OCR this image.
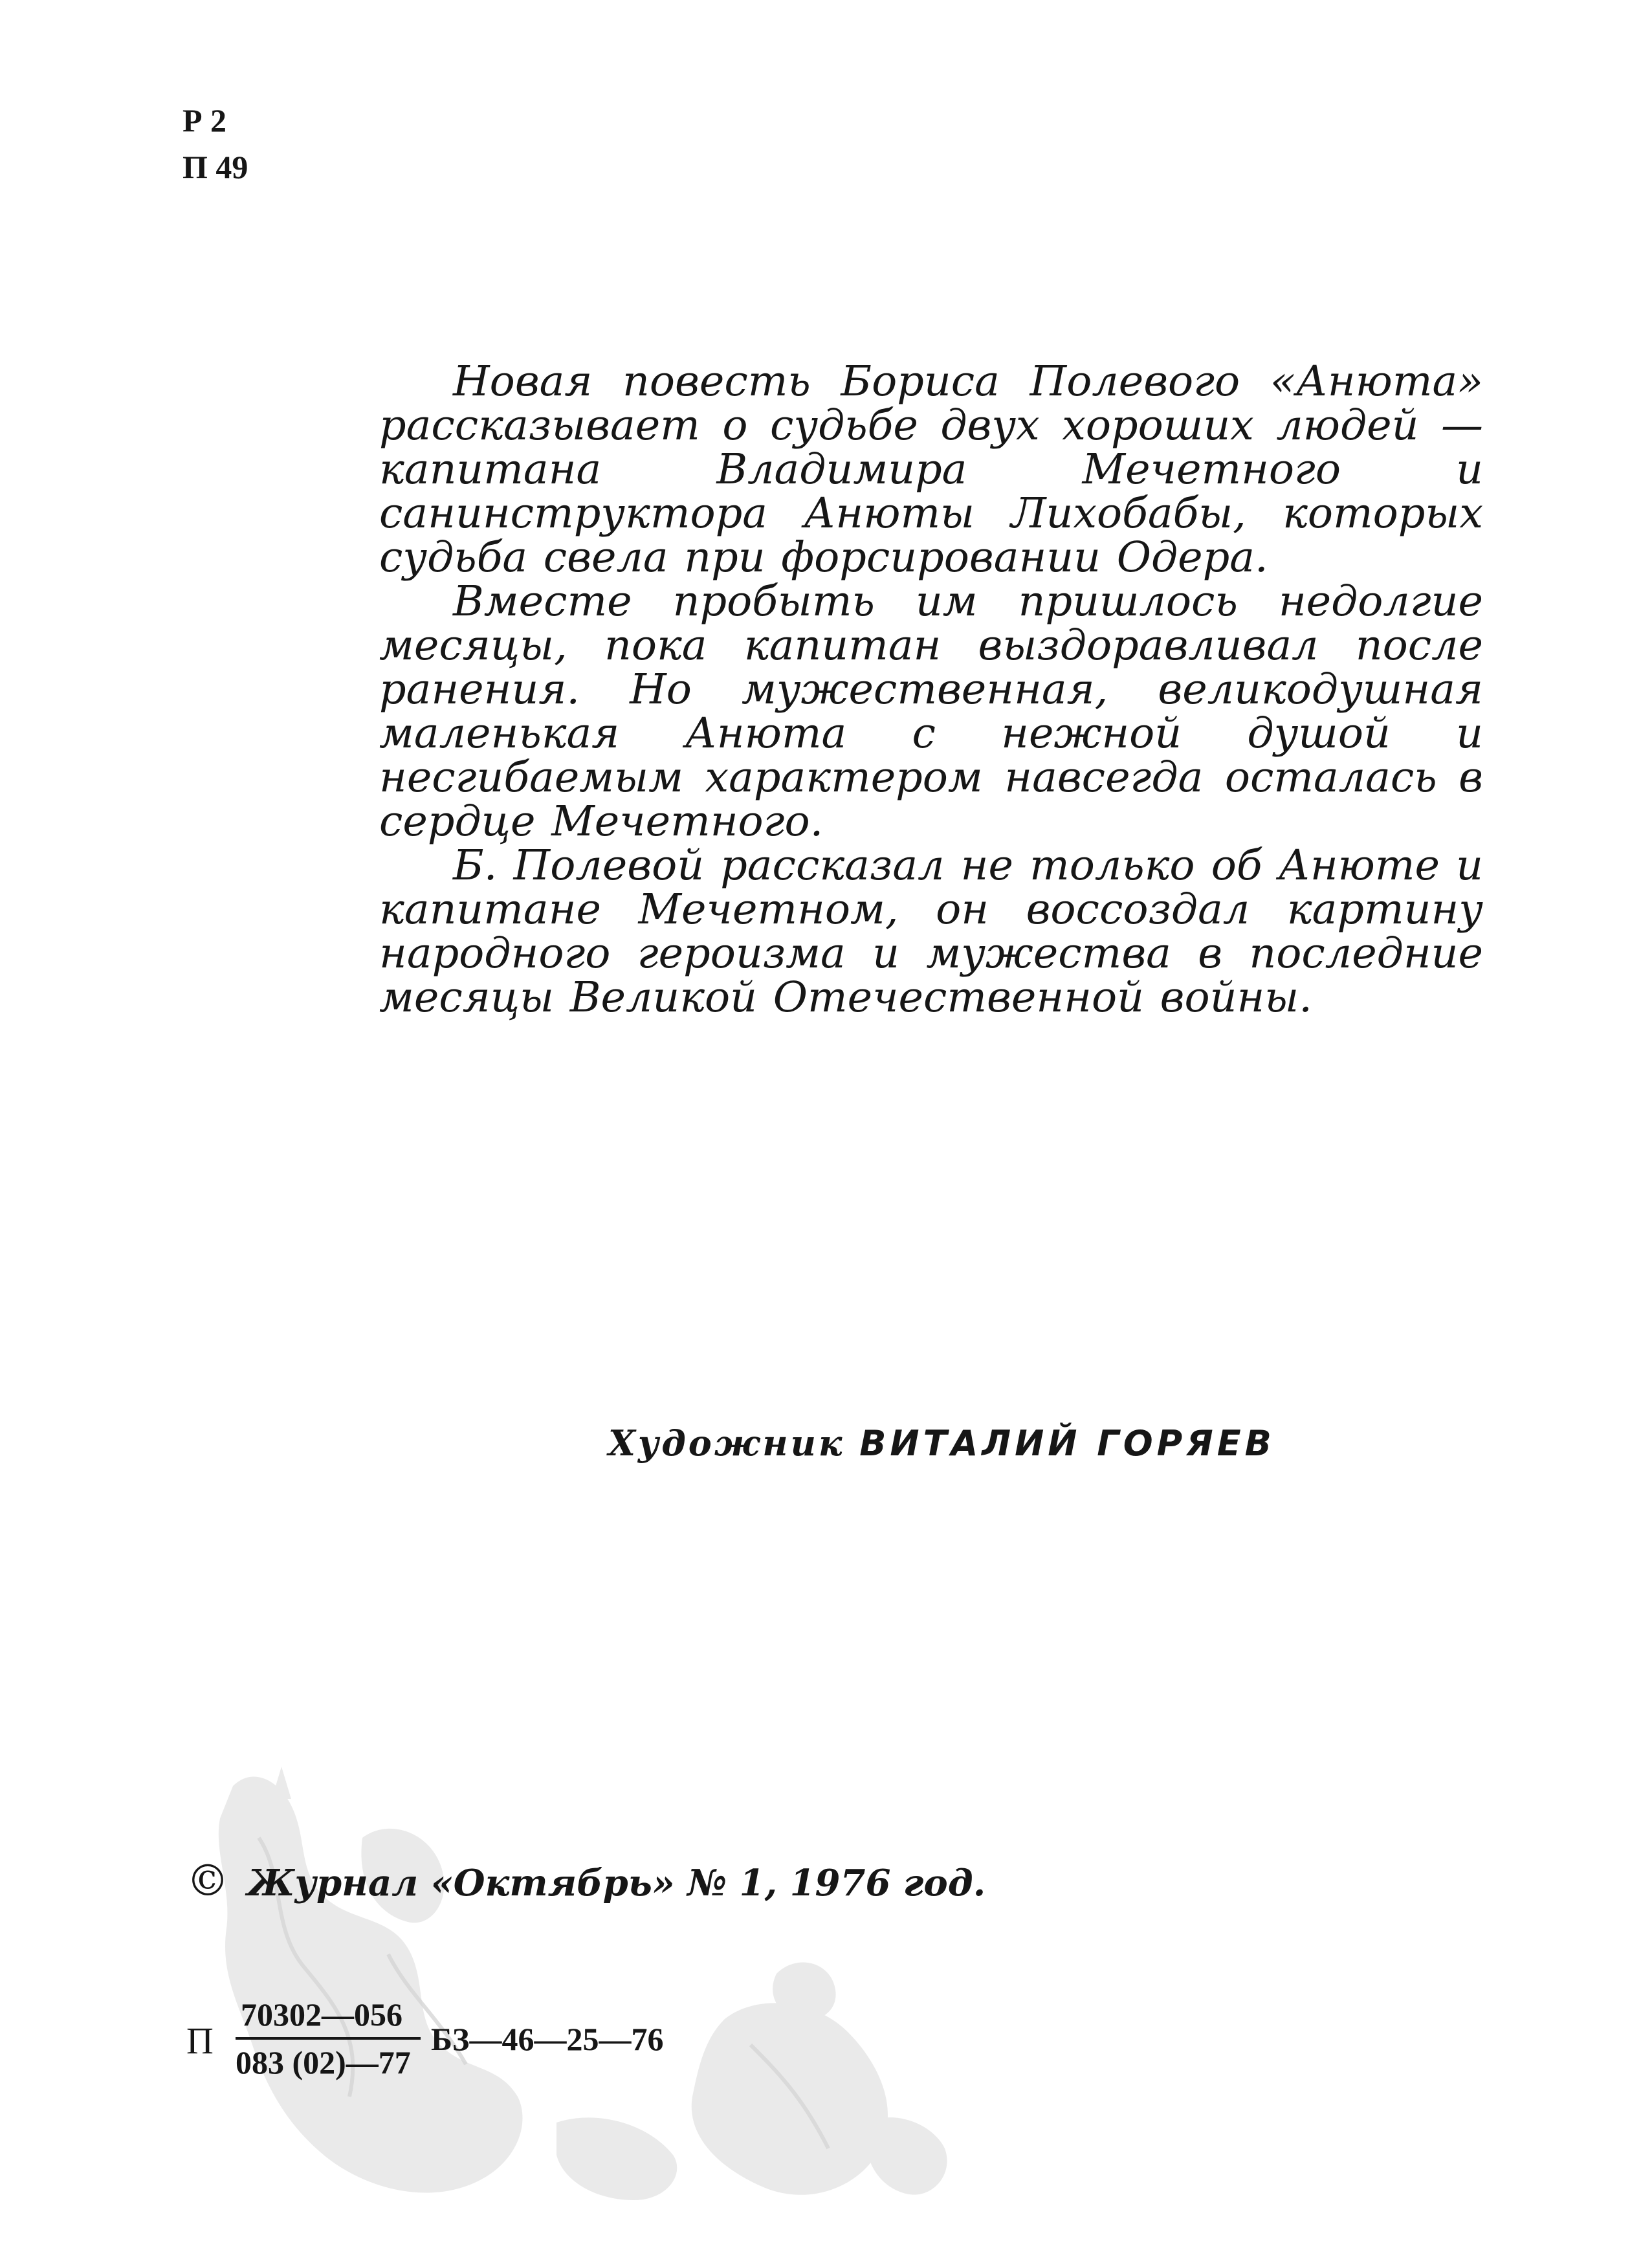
Р 2
П 49

Новая повесть Бориса Полевого «Анюта» рассказывает о судьбе двух хороших людей — капитана Владимира Мечетного и санинструктора Анюты Лихобабы, которых судьба свела при форсировании Одера.

Вместе пробыть им пришлось недолгие месяцы, пока капитан выздоравливал после ранения. Но мужественная, великодушная маленькая Анюта с нежной душой и несгибаемым характером навсегда осталась в сердце Мечетного.

Б. Полевой рассказал не только об Анюте и капитане Мечетном, он воссоздал картину народного героизма и мужества в последние месяцы Великой Отечественной войны.

Художник ВИТАЛИЙ ГОРЯЕВ
© Журнал «Октябрь» № 1, 1976 год.
П
70302—056
083 (02)—77
БЗ—46—25—76
